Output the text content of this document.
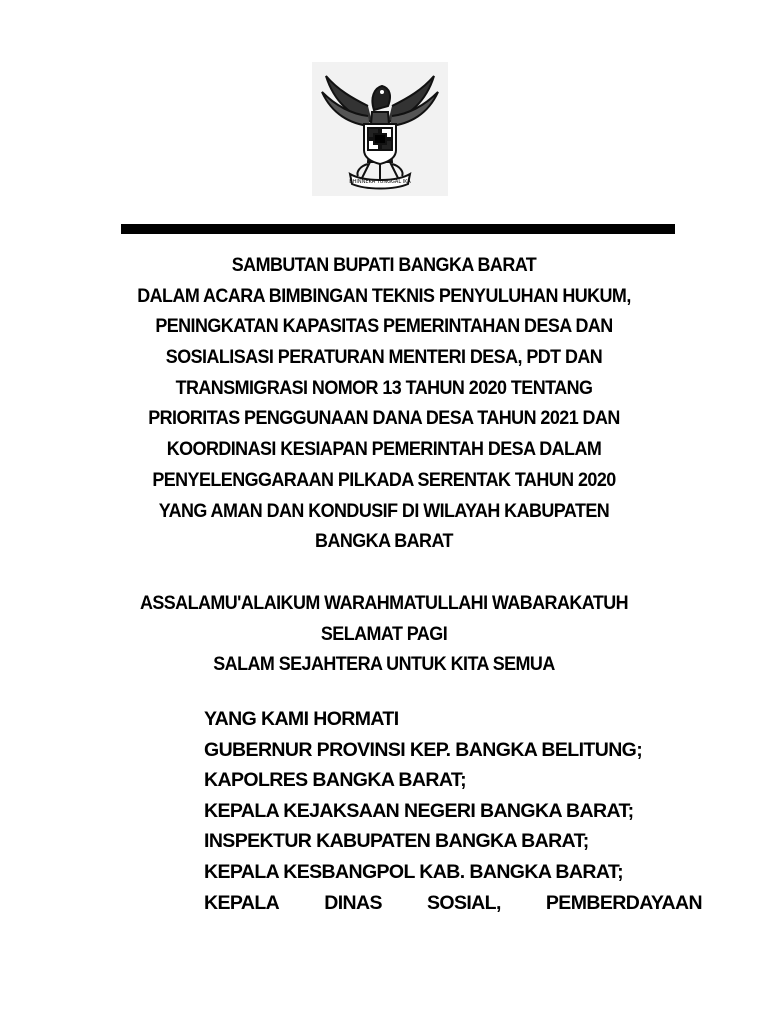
BHINNEKA TUNGGAL IKA
SAMBUTAN BUPATI BANGKA BARAT
DALAM ACARA BIMBINGAN TEKNIS PENYULUHAN HUKUM,
PENINGKATAN KAPASITAS PEMERINTAHAN DESA DAN
SOSIALISASI PERATURAN MENTERI DESA, PDT DAN
TRANSMIGRASI NOMOR 13 TAHUN 2020 TENTANG
PRIORITAS PENGGUNAAN DANA DESA TAHUN 2021 DAN
KOORDINASI KESIAPAN PEMERINTAH DESA DALAM
PENYELENGGARAAN PILKADA SERENTAK TAHUN 2020
YANG AMAN DAN KONDUSIF DI WILAYAH KABUPATEN
BANGKA BARAT
ASSALAMU'ALAIKUM WARAHMATULLAHI WABARAKATUH
SELAMAT PAGI
SALAM SEJAHTERA UNTUK KITA SEMUA
YANG KAMI HORMATI
GUBERNUR PROVINSI KEP. BANGKA BELITUNG;
KAPOLRES BANGKA BARAT;
KEPALA KEJAKSAAN NEGERI BANGKA BARAT;
INSPEKTUR KABUPATEN BANGKA BARAT;
KEPALA KESBANGPOL KAB. BANGKA BARAT;
KEPALA DINAS SOSIAL, PEMBERDAYAAN
